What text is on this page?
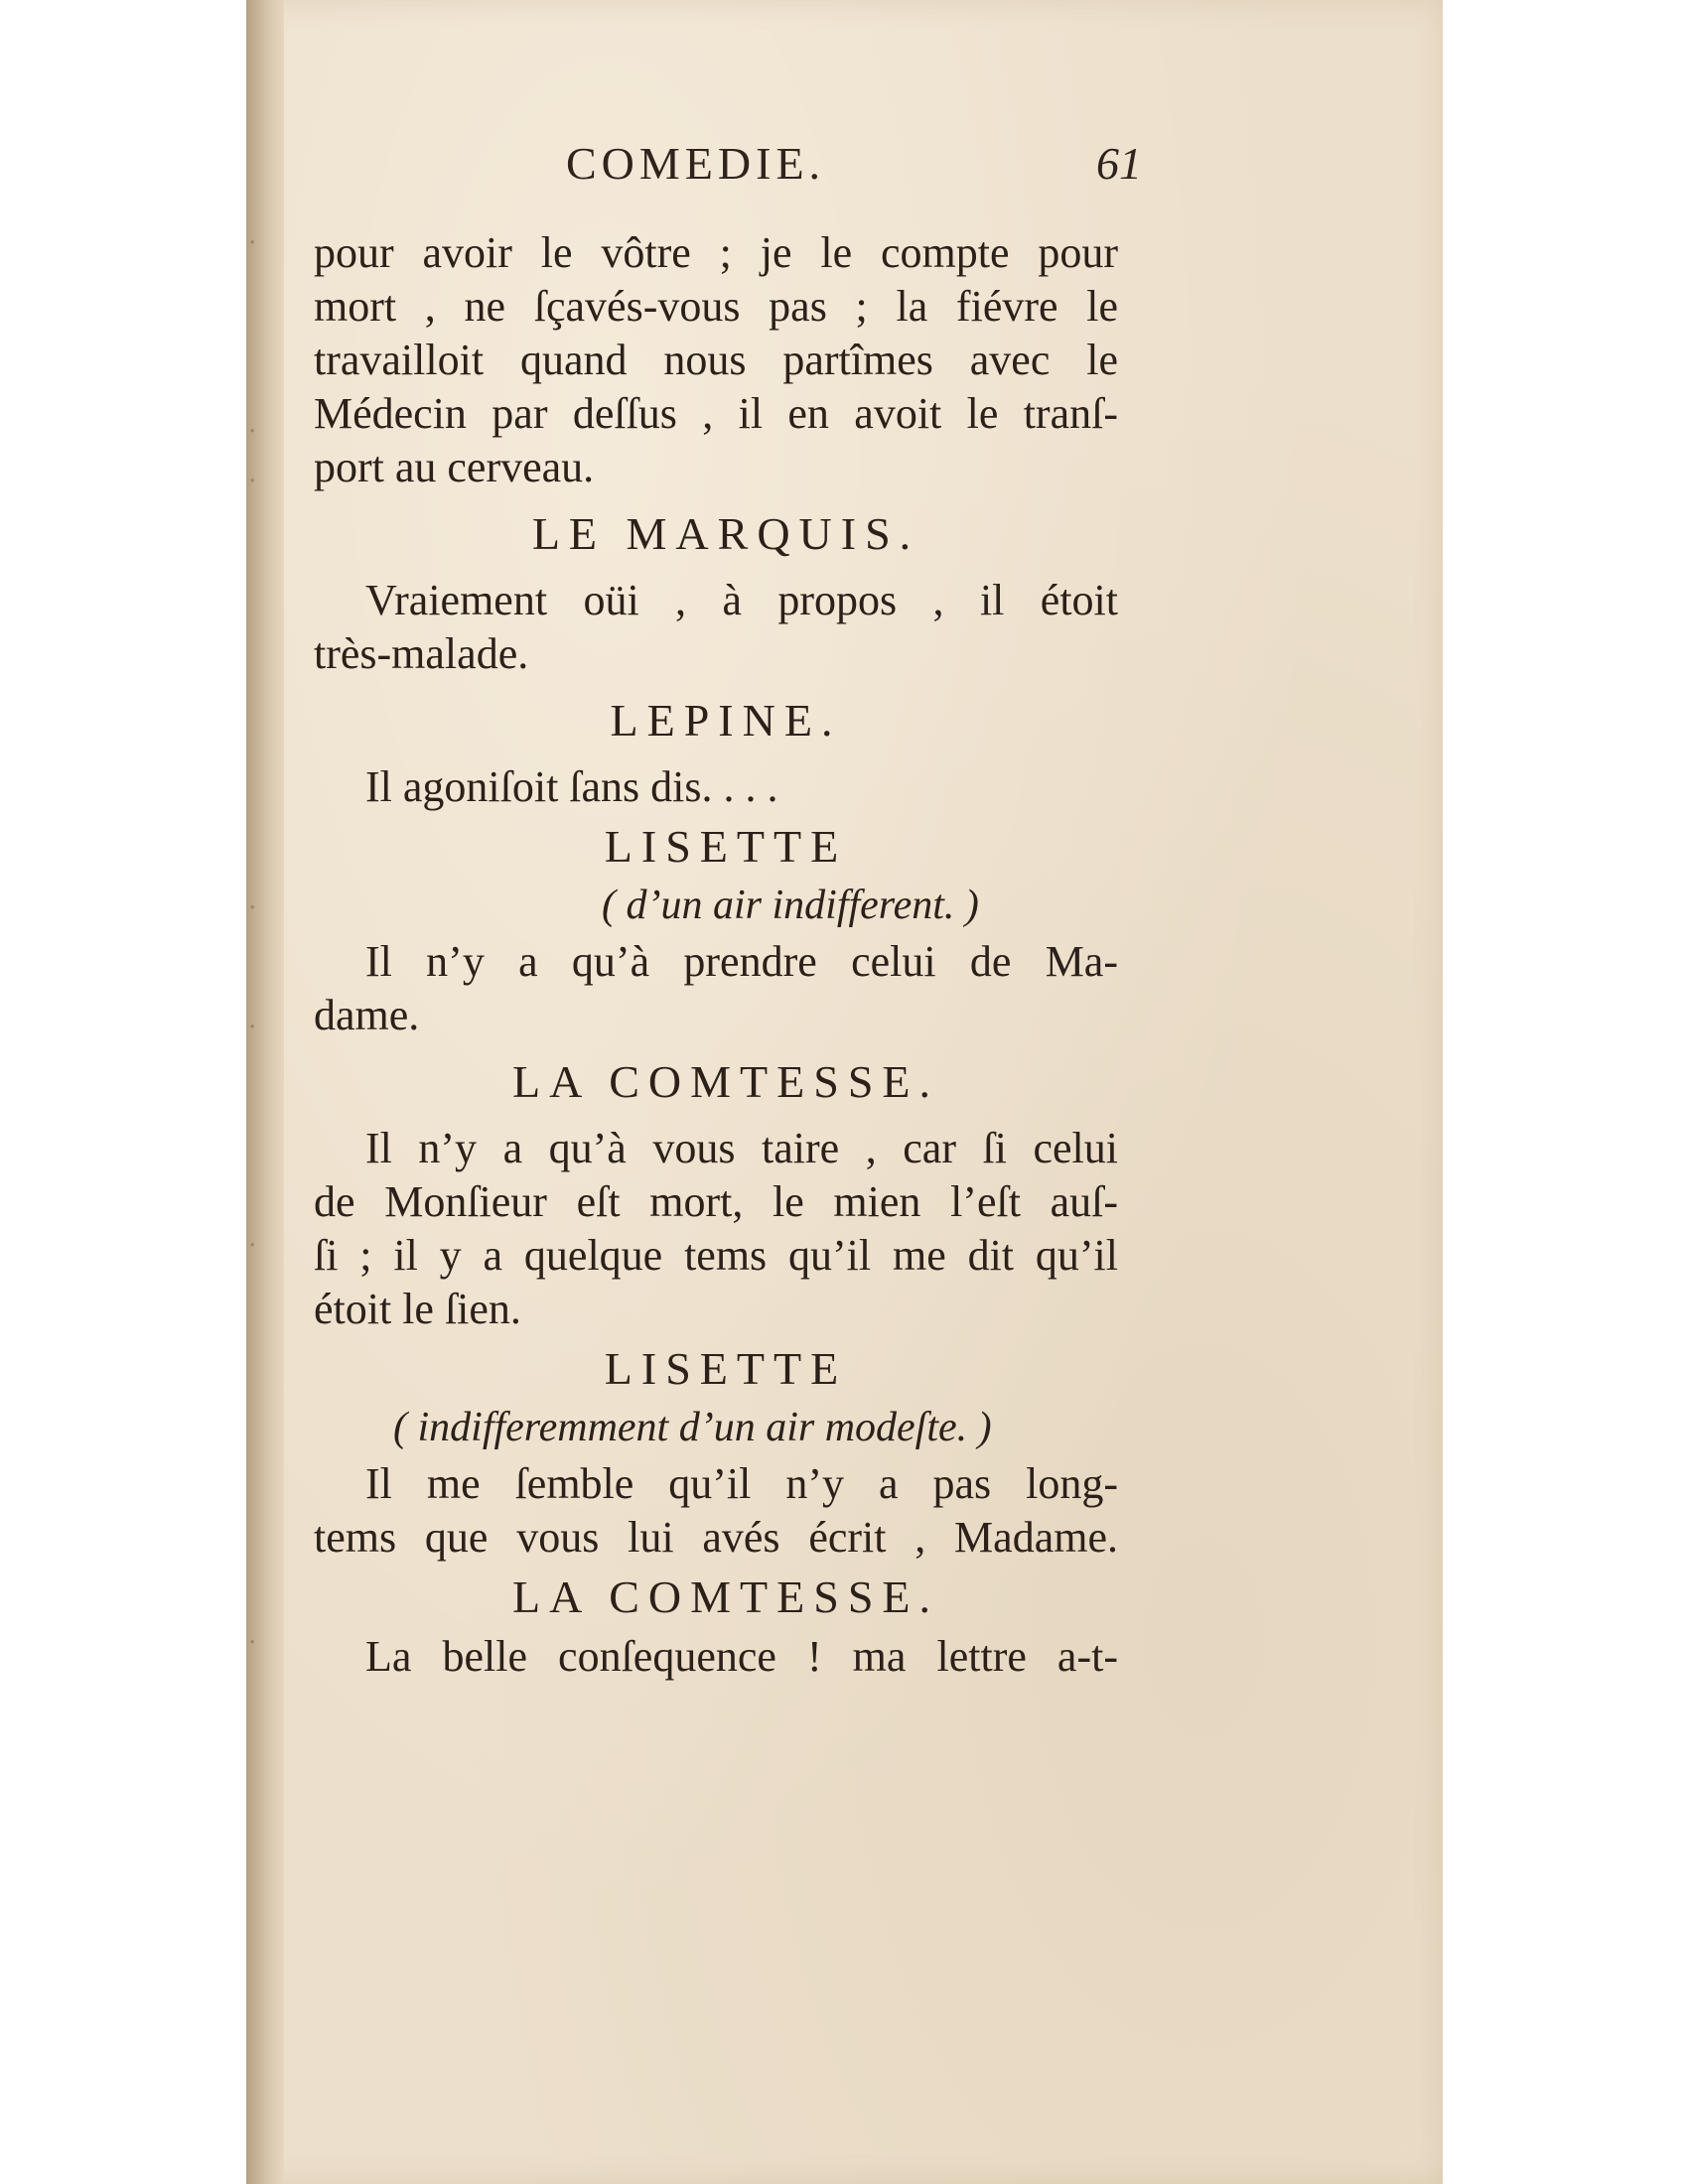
·
·
·
·
·
·
·
COMEDIE.	61
pour avoir le vôtre ; je le compte pour
mort , ne ſçavés-vous pas ; la fiévre le
travailloit quand nous partîmes avec le
Médecin par deſſus , il en avoit le tranſ-
port au cerveau.
LE MARQUIS.
Vraiement oüi , à propos , il étoit
très-malade.
LEPINE.
Il agoniſoit ſans dis. . . .
LISETTE
( d’un air indifferent. )
Il n’y a qu’à prendre celui de Ma-
dame.
LA COMTESSE.
Il n’y a qu’à vous taire , car ſi celui
de Monſieur eſt mort, le mien l’eſt auſ-
ſi ; il y a quelque tems qu’il me dit qu’il
étoit le ſien.
LISETTE
( indifferemment d’un air modeſte. )
Il me ſemble qu’il n’y a pas long-
tems que vous lui avés écrit , Madame.
LA COMTESSE.
La belle conſequence ! ma lettre a-t-
